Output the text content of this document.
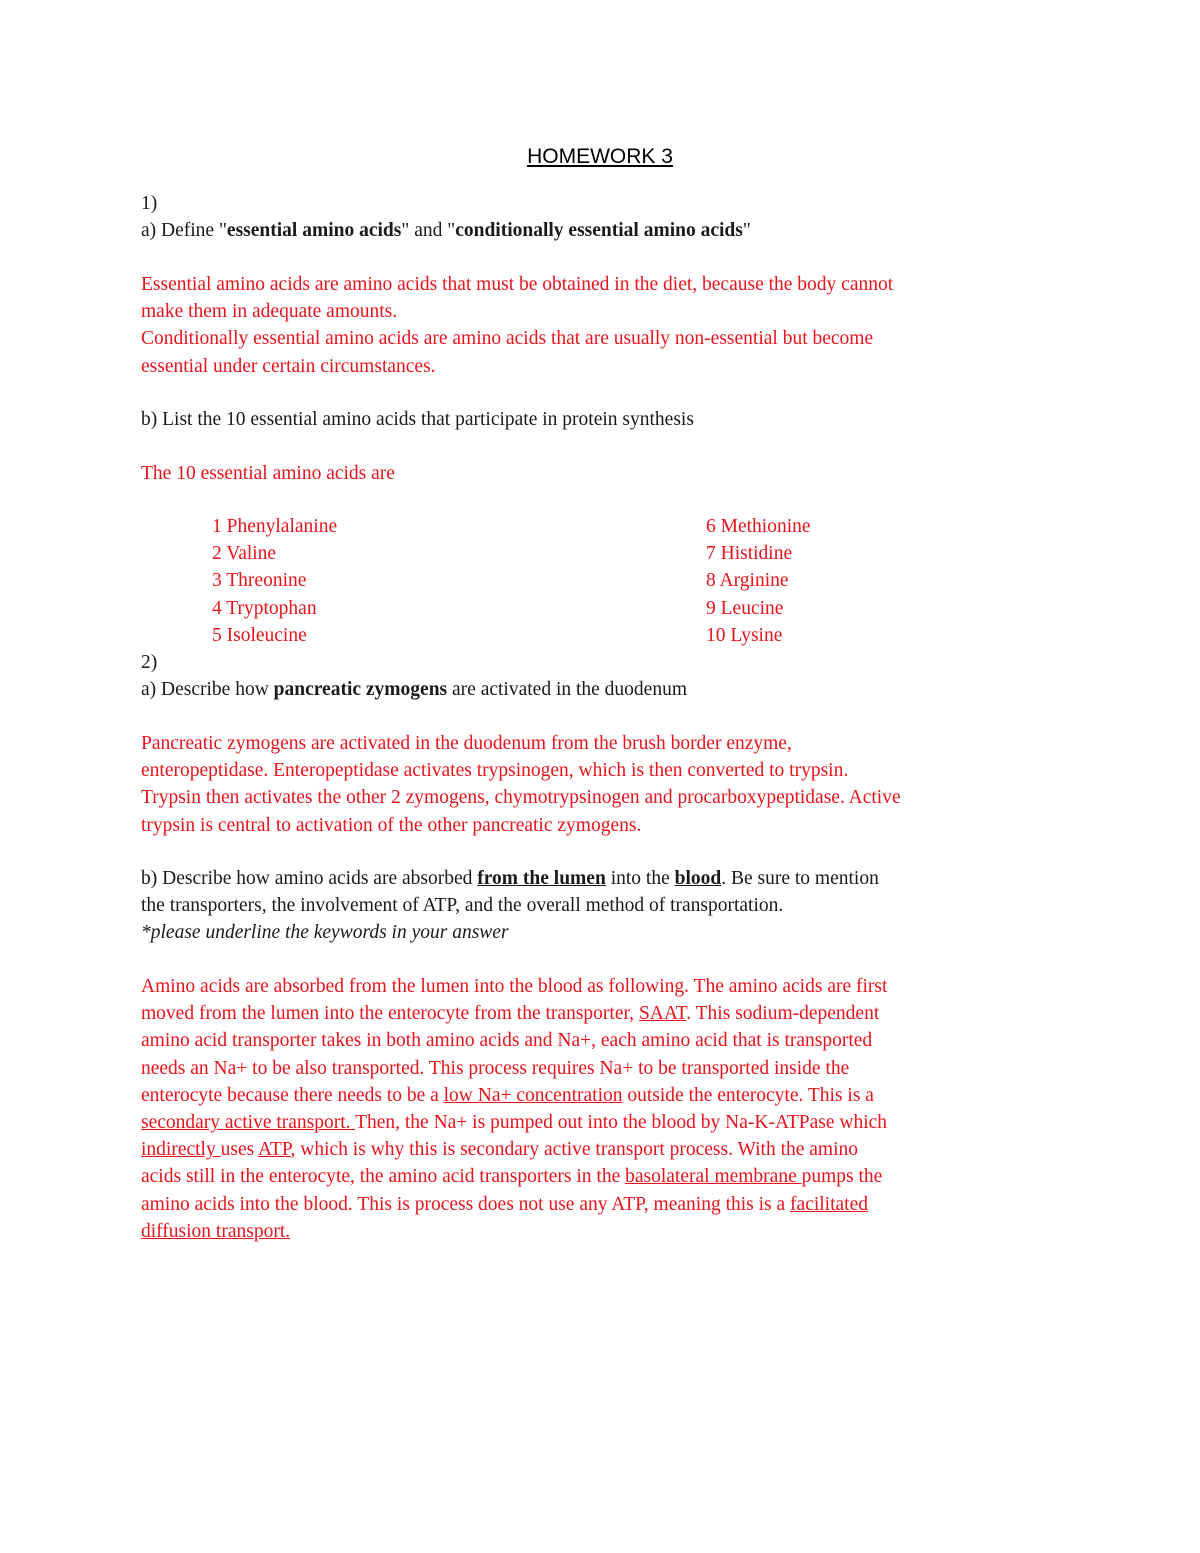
HOMEWORK 3
1)
a) Define "essential amino acids" and "conditionally essential amino acids"
Essential amino acids are amino acids that must be obtained in the diet, because the body cannot
make them in adequate amounts.
Conditionally essential amino acids are amino acids that are usually non-essential but become
essential under certain circumstances.
b) List the 10 essential amino acids that participate in protein synthesis
The 10 essential amino acids are
1 Phenylalanine	6 Methionine
2 Valine	7 Histidine
3 Threonine	8 Arginine
4 Tryptophan	9 Leucine
5 Isoleucine	10 Lysine
2)
a) Describe how pancreatic zymogens are activated in the duodenum
Pancreatic zymogens are activated in the duodenum from the brush border enzyme,
enteropeptidase. Enteropeptidase activates trypsinogen, which is then converted to trypsin.
Trypsin then activates the other 2 zymogens, chymotrypsinogen and procarboxypeptidase. Active
trypsin is central to activation of the other pancreatic zymogens.
b) Describe how amino acids are absorbed from the lumen into the blood. Be sure to mention
the transporters, the involvement of ATP, and the overall method of transportation.
*please underline the keywords in your answer
Amino acids are absorbed from the lumen into the blood as following. The amino acids are first
moved from the lumen into the enterocyte from the transporter, SAAT. This sodium-dependent
amino acid transporter takes in both amino acids and Na+, each amino acid that is transported
needs an Na+ to be also transported. This process requires Na+ to be transported inside the
enterocyte because there needs to be a low Na+ concentration outside the enterocyte. This is a
secondary active transport. Then, the Na+ is pumped out into the blood by Na-K-ATPase which
indirectly uses ATP, which is why this is secondary active transport process. With the amino
acids still in the enterocyte, the amino acid transporters in the basolateral membrane pumps the
amino acids into the blood. This is process does not use any ATP, meaning this is a facilitated
diffusion transport.
